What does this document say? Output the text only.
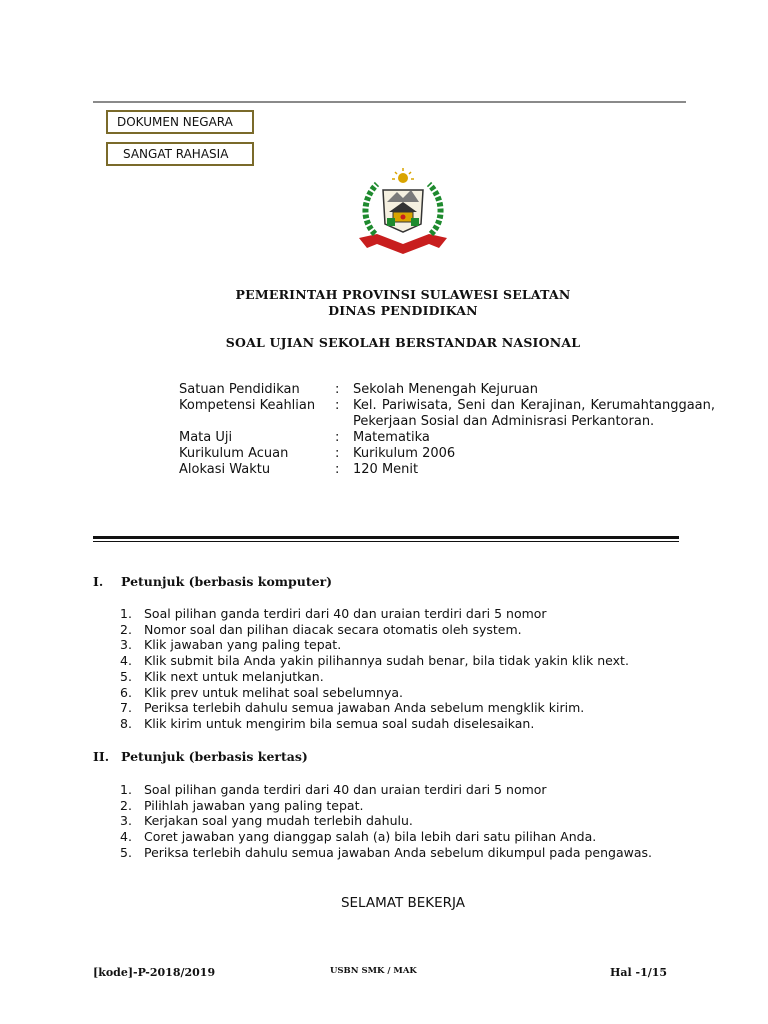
DOKUMEN NEGARA
SANGAT RAHASIA
PEMERINTAH PROVINSI SULAWESI SELATAN
DINAS PENDIDIKAN
SOAL UJIAN SEKOLAH BERSTANDAR NASIONAL
Satuan Pendidikan	:	Sekolah Menengah Kejuruan
Kompetensi Keahlian	:	Kel. Pariwisata, Seni dan Kerajinan, Kerumahtanggaan, Pekerjaan Sosial dan Adminisrasi Perkantoran.
Mata Uji	:	Matematika
Kurikulum Acuan	:	Kurikulum 2006
Alokasi Waktu	:	120 Menit
I. Petunjuk (berbasis komputer)
1. Soal pilihan ganda terdiri dari 40 dan uraian terdiri dari 5 nomor
2. Nomor soal dan pilihan diacak secara otomatis oleh system.
3. Klik jawaban yang paling tepat.
4. Klik submit bila Anda yakin pilihannya sudah benar, bila tidak yakin klik next.
5. Klik next untuk melanjutkan.
6. Klik prev untuk melihat soal sebelumnya.
7. Periksa terlebih dahulu semua jawaban Anda sebelum mengklik kirim.
8. Klik kirim untuk mengirim bila semua soal sudah diselesaikan.
II. Petunjuk (berbasis kertas)
1. Soal pilihan ganda terdiri dari 40 dan uraian terdiri dari 5 nomor
2. Pilihlah jawaban yang paling tepat.
3. Kerjakan soal yang mudah terlebih dahulu.
4. Coret jawaban yang dianggap salah (a) bila lebih dari satu pilihan Anda.
5. Periksa terlebih dahulu semua jawaban Anda sebelum dikumpul pada pengawas.
SELAMAT BEKERJA
[kode]-P-2018/2019	USBN SMK / MAK	Hal -1/15
